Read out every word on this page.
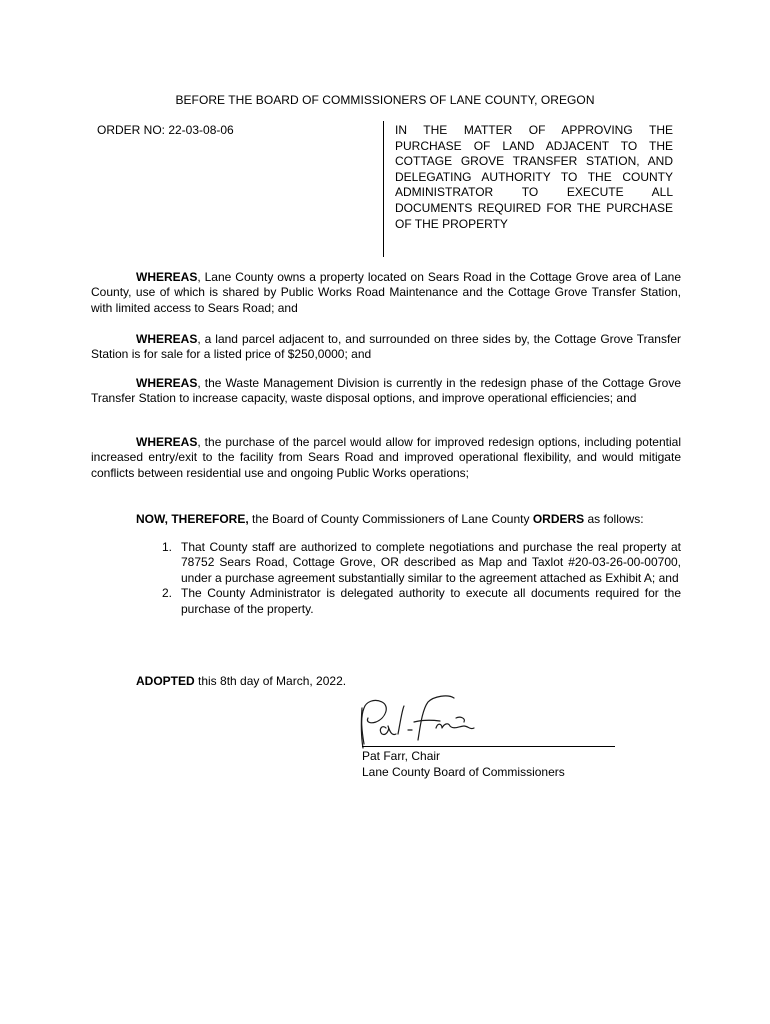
BEFORE THE BOARD OF COMMISSIONERS OF LANE COUNTY, OREGON
ORDER NO: 22-03-08-06	IN THE MATTER OF APPROVING THE PURCHASE OF LAND ADJACENT TO THE COTTAGE GROVE TRANSFER STATION, AND DELEGATING AUTHORITY TO THE COUNTY ADMINISTRATOR TO EXECUTE ALL DOCUMENTS REQUIRED FOR THE PURCHASE OF THE PROPERTY
WHEREAS, Lane County owns a property located on Sears Road in the Cottage Grove area of Lane County, use of which is shared by Public Works Road Maintenance and the Cottage Grove Transfer Station, with limited access to Sears Road; and
WHEREAS, a land parcel adjacent to, and surrounded on three sides by, the Cottage Grove Transfer Station is for sale for a listed price of $250,0000; and
WHEREAS, the Waste Management Division is currently in the redesign phase of the Cottage Grove Transfer Station to increase capacity, waste disposal options, and improve operational efficiencies; and
WHEREAS, the purchase of the parcel would allow for improved redesign options, including potential increased entry/exit to the facility from Sears Road and improved operational flexibility, and would mitigate conflicts between residential use and ongoing Public Works operations;
NOW, THEREFORE, the Board of County Commissioners of Lane County ORDERS as follows:
1. That County staff are authorized to complete negotiations and purchase the real property at 78752 Sears Road, Cottage Grove, OR described as Map and Taxlot #20-03-26-00-00700, under a purchase agreement substantially similar to the agreement attached as Exhibit A; and
2. The County Administrator is delegated authority to execute all documents required for the purchase of the property.
ADOPTED this 8th day of March, 2022.
Pat Farr, Chair
Lane County Board of Commissioners
